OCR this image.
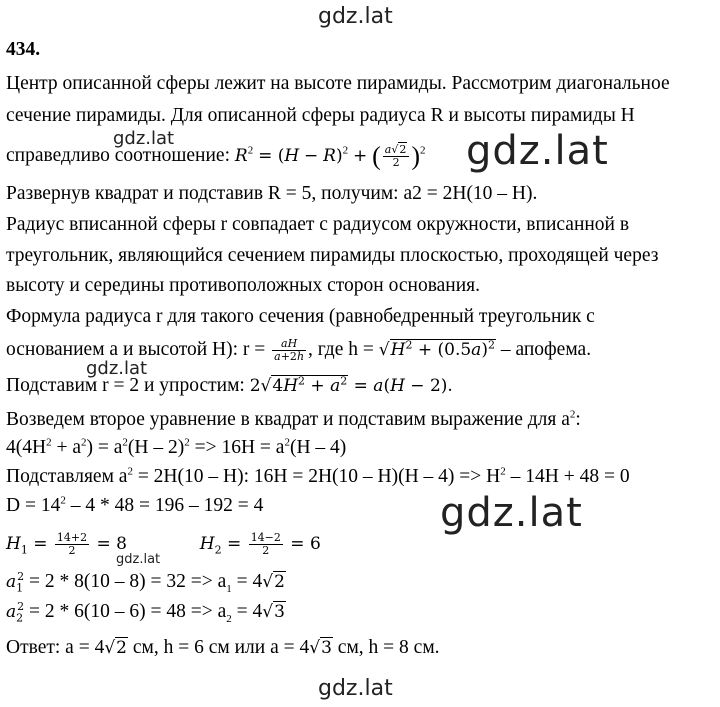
gdz.lat
434.
Центр описанной сферы лежит на высоте пирамиды. Рассмотрим диагональное
сечение пирамиды. Для описанной сферы радиуса R и высоты пирамиды H
gdz.lat
справедливо соотношение: $R^2 = (H - R)^2$ + ( $\frac{a√2}{2} )^2$ gdz.lat
Развернув квадрат и подставив R = 5, получим: a2 = 2H(10 – H).
Радиус вписанной сферы r совпадает с радиусом окружности, вписанной в
треугольник, являющийся сечением пирамиды плоскостью, проходящей через
высоту и середины противоположных сторон основания.
Формула радиуса r для такого сечения (равнобедренный треугольник с
основанием a и высотой H): $r = \frac{aH}{a+2h}$ , где $h = √H^2 + (0.5a)^2$ – апофема.
gdz.lat
Подставим r = 2 и упростим: $2√4H^2 + a^2 = a(H - 2)$.
Возведем второе уравнение в квадрат и подставим выражение для $a^2$:
$4(4H^2 + a^2) = a^2(H - 2)^2 => 16H = a^2(H - 4)$
Подставляем $a^2 = 2H(10 - H)$: $16H = 2H(10 - H)(H - 4) => H^2 - 14H + 48 = 0$
$D = 14^2 - 4 * 48 = 196 - 192 = 4$	gdz.lat
$H_1 = \frac{14+2}{2} = 8$	$H_2 = \frac{14-2}{2} = 6$
gdz.lat
$a_1^2 = 2 * 8(10 - 8) = 32 => a_1 = 4√2$
$a_2^2 = 2 * 6(10 - 6) = 48 => a_2 = 4√3$
Ответ: a = 4√2 см, h = 6 см или a = 4√3 см, h = 8 см.
gdz.lat
